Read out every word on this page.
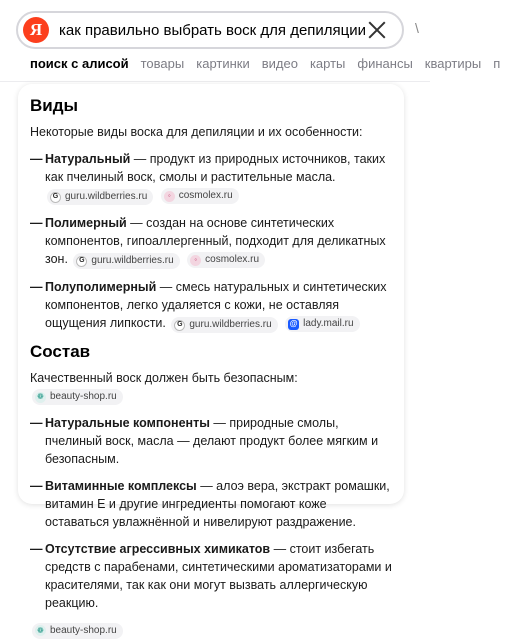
Я	как правильно выбрать воск для депиляции	\
поиск с алисой товары картинки видео карты финансы квартиры п
Виды

Некоторые виды воска для депиляции и их особенности:

— Натуральный — продукт из природных источников, таких как пчелиный воск, смолы и растительные масла.
G guru.wildberries.ru
	◦ cosmolex.ru
— Полимерный — создан на основе синтетических компонентов, гипоаллергенный, подходит для деликатных зон.	G guru.wildberries.ru
	◦ cosmolex.ru
— Полуполимерный — смесь натуральных и синтетических компонентов, легко удаляется с кожи, не оставляя ощущения липкости.	G guru.wildberries.ru
@ lady.mail.ru
Состав

Качественный воск должен быть безопасным:
❁ beauty-shop.ru

— Натуральные компоненты — природные смолы, пчелиный воск, масла — делают продукт более мягким и безопасным.
— Витаминные комплексы — алоэ вера, экстракт ромашки, витамин Е и другие ингредиенты помогают коже оставаться увлажнённой и нивелируют раздражение.
— Отсутствие агрессивных химикатов — стоит избегать средств с парабенами, синтетическими ароматизаторами и красителями, так как они могут вызвать аллергическую реакцию.
❁ beauty-shop.ru
